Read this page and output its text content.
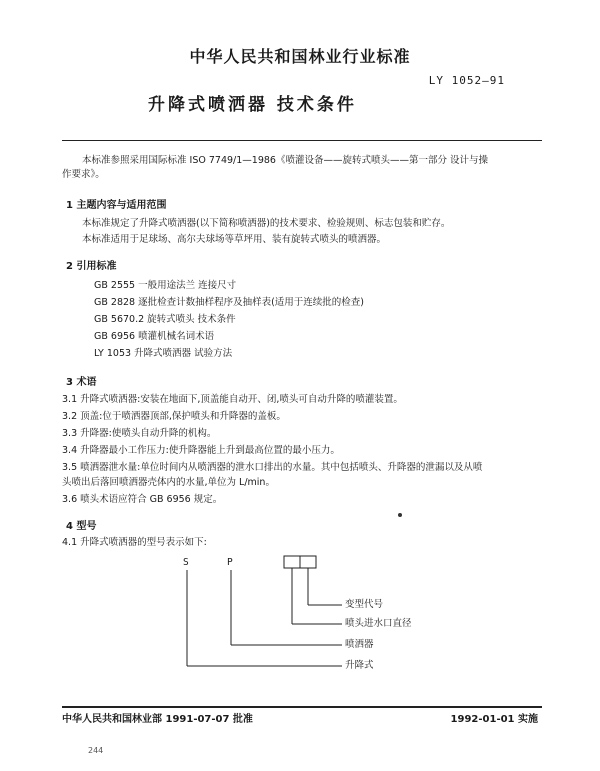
中华人民共和国林业行业标准
LY 1052—91
升降式喷洒器 技术条件
本标准参照采用国际标准 ISO 7749/1—1986《喷灌设备——旋转式喷头——第一部分 设计与操
作要求》。
1 主题内容与适用范围
本标准规定了升降式喷洒器(以下简称喷洒器)的技术要求、检验规则、标志包装和贮存。
本标准适用于足球场、高尔夫球场等草坪用、装有旋转式喷头的喷洒器。
2 引用标准
GB 2555 一般用途法兰 连接尺寸
GB 2828 逐批检查计数抽样程序及抽样表(适用于连续批的检查)
GB 5670.2 旋转式喷头 技术条件
GB 6956 喷灌机械名词术语
LY 1053 升降式喷洒器 试验方法
3 术语
3.1 升降式喷洒器:安装在地面下,顶盖能自动开、闭,喷头可自动升降的喷灌装置。
3.2 顶盖:位于喷洒器顶部,保护喷头和升降器的盖板。
3.3 升降器:使喷头自动升降的机构。
3.4 升降器最小工作压力:使升降器能上升到最高位置的最小压力。
3.5 喷洒器泄水量:单位时间内从喷洒器的泄水口排出的水量。其中包括喷头、升降器的泄漏以及从喷
头喷出后落回喷洒器壳体内的水量,单位为 L/min。
3.6 喷头术语应符合 GB 6956 规定。
4 型号
4.1 升降式喷洒器的型号表示如下:
S	P
变型代号
喷头进水口直径
喷洒器
升降式
中华人民共和国林业部 1991-07-07 批准	1992-01-01 实施
244
